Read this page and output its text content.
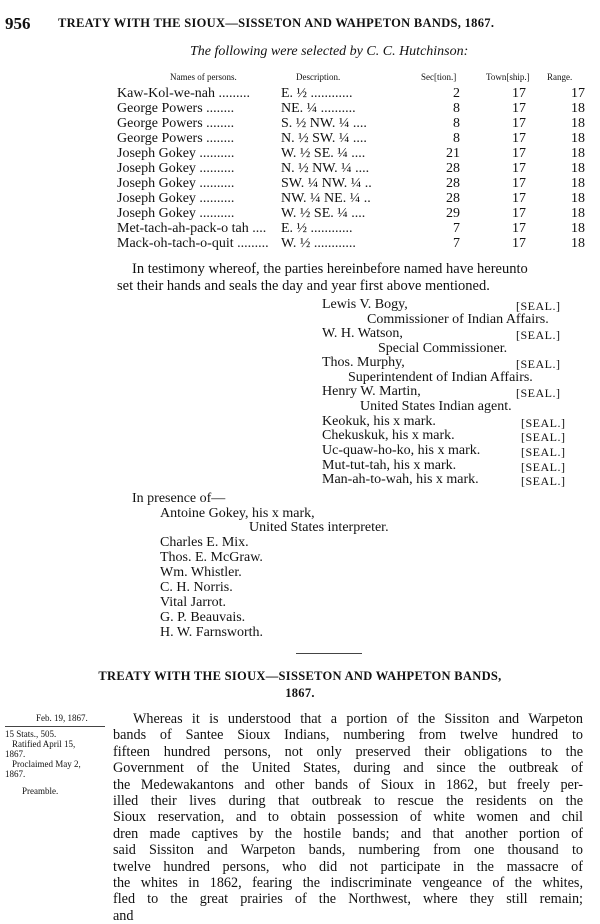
956 TREATY WITH THE SIOUX—SISSETON AND WAHPETON BANDS, 1867.
The following were selected by C. C. Hutchinson:
Names of persons.	Description.	Sec[tion.]	Town[ship.] Range.
Kaw-Kol-we-nah ......... E. ½ ............	2	17	17
George Powers ........	NE. ¼ ..........	8	17	18
George Powers ........	S. ½ NW. ¼ ....	8	17	18
George Powers ........	N. ½ SW. ¼ ....	8	17	18
Joseph Gokey ..........	W. ½ SE. ¼ ....	21	17	18
Joseph Gokey ..........	N. ½ NW. ¼ ....	28	17	18
Joseph Gokey ..........	SW. ¼ NW. ¼ ..	28	17	18
Joseph Gokey ..........	NW. ¼ NE. ¼ ..	28	17	18
Joseph Gokey ..........	W. ½ SE. ¼ ....	29	17	18
Met-tach-ah-pack-o tah .... E. ½ ............	7	17	18
Mack-oh-tach-o-quit ......... W. ½ ............	7	17	18
In testimony whereof, the parties hereinbefore named have hereunto
set their hands and seals the day and year first above mentioned.
Lewis V. Bogy,	[SEAL.]
Commissioner of Indian Affairs.
W. H. Watson,	[SEAL.]
Special Commissioner.
Thos. Murphy,	[SEAL.]
Superintendent of Indian Affairs.
Henry W. Martin,	[SEAL.]
United States Indian agent.
Keokuk, his x mark.	[SEAL.]
Chekuskuk, his x mark.	[SEAL.]
Uc-quaw-ho-ko, his x mark.	[SEAL.]
Mut-tut-tah, his x mark.	[SEAL.]
Man-ah-to-wah, his x mark.	[SEAL.]
In presence of—
Antoine Gokey, his x mark,
United States interpreter.
Charles E. Mix.
Thos. E. McGraw.
Wm. Whistler.
C. H. Norris.
Vital Jarrot.
G. P. Beauvais.
H. W. Farnsworth.
TREATY WITH THE SIOUX—SISSETON AND WAHPETON BANDS,
1867.
Feb. 19, 1867.
15 Stats., 505.
Ratified April 15,
1867.
Proclaimed May 2,
1867.
Preamble.
Whereas it is understood that a portion of the Sissiton and Warpeton
bands of Santee Sioux Indians, numbering from twelve hundred to
fifteen hundred persons, not only preserved their obligations to the
Government of the United States, during and since the outbreak of
the Medewakantons and other bands of Sioux in 1862, but freely per-
illed their lives during that outbreak to rescue the residents on the
Sioux reservation, and to obtain possession of white women and chil
dren made captives by the hostile bands; and that another portion of
said Sissiton and Warpeton bands, numbering from one thousand to
twelve hundred persons, who did not participate in the massacre of
the whites in 1862, fearing the indiscriminate vengeance of the whites,
fled to the great prairies of the Northwest, where they still remain;
and
